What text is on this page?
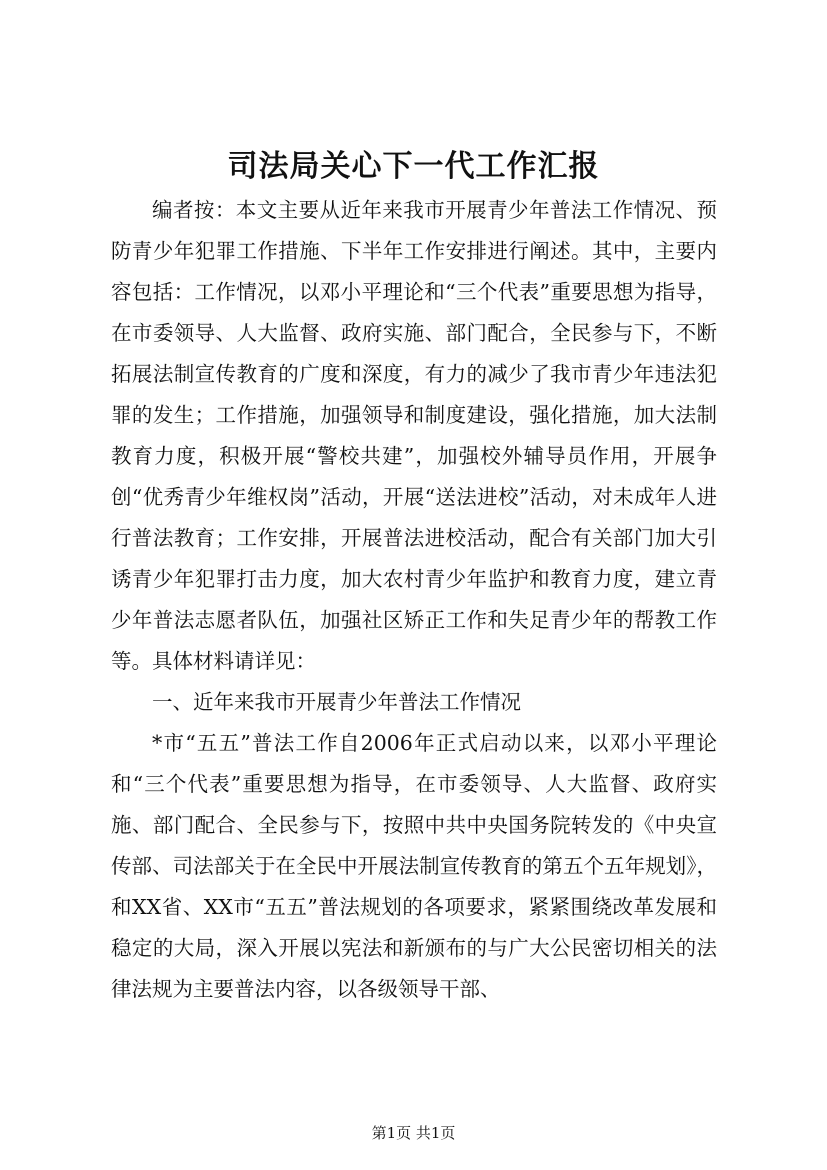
司法局关心下一代工作汇报

编者按：本文主要从近年来我市开展青少年普法工作情况、预防青少年犯罪工作措施、下半年工作安排进行阐述。其中，主要内容包括：工作情况，以邓小平理论和“三个代表”重要思想为指导，在市委领导、人大监督、政府实施、部门配合，全民参与下，不断拓展法制宣传教育的广度和深度，有力的减少了我市青少年违法犯罪的发生；工作措施，加强领导和制度建设，强化措施，加大法制教育力度，积极开展“警校共建”，加强校外辅导员作用，开展争创“优秀青少年维权岗”活动，开展“送法进校”活动，对未成年人进行普法教育；工作安排，开展普法进校活动，配合有关部门加大引诱青少年犯罪打击力度，加大农村青少年监护和教育力度，建立青少年普法志愿者队伍，加强社区矫正工作和失足青少年的帮教工作等。具体材料请详见：

一、近年来我市开展青少年普法工作情况

*市“五五”普法工作自2006年正式启动以来，以邓小平理论和“三个代表”重要思想为指导，在市委领导、人大监督、政府实施、部门配合、全民参与下，按照中共中央国务院转发的《中央宣传部、司法部关于在全民中开展法制宣传教育的第五个五年规划》，和XX省、XX市“五五”普法规划的各项要求，紧紧围绕改革发展和稳定的大局，深入开展以宪法和新颁布的与广大公民密切相关的法律法规为主要普法内容，以各级领导干部、

第1页 共1页
